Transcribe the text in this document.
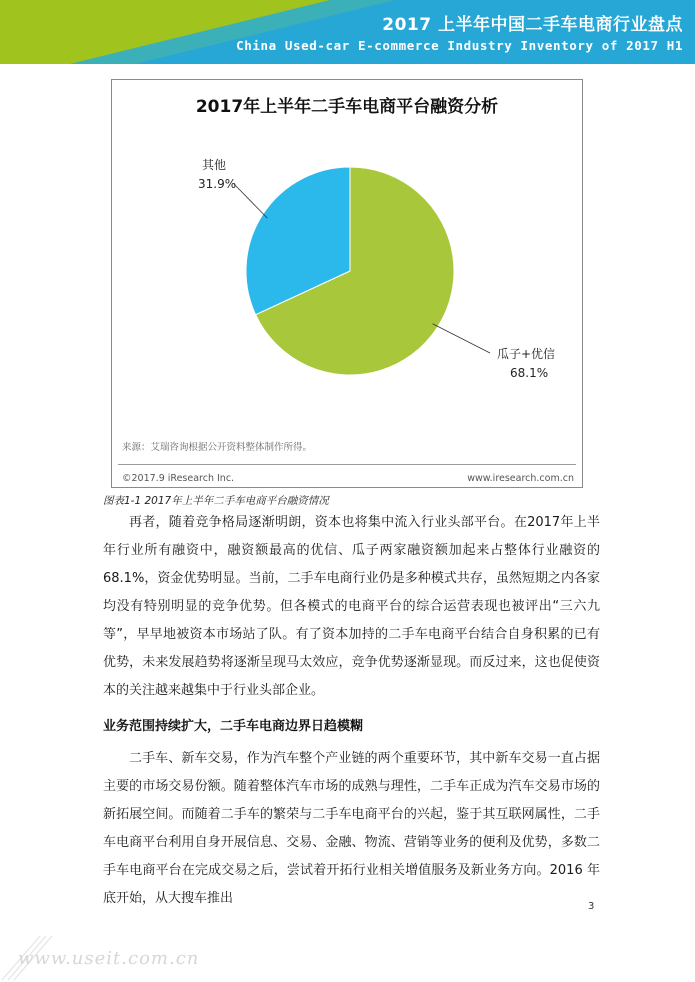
2017 上半年中国二手车电商行业盘点
China Used-car E-commerce Industry Inventory of 2017 H1
2017年上半年二手车电商平台融资分析
其他
31.9%
瓜子+优信
68.1%
来源：艾瑞咨询根据公开资料整体制作所得。
©2017.9 iResearch Inc.	www.iresearch.com.cn
图表1-1 2017年上半年二手车电商平台融资情况

再者，随着竞争格局逐渐明朗，资本也将集中流入行业头部平台。在2017年上半年行业所有融资中，融资额最高的优信、瓜子两家融资额加起来占整体行业融资的68.1%，资金优势明显。当前，二手车电商行业仍是多种模式共存，虽然短期之内各家均没有特别明显的竞争优势。但各模式的电商平台的综合运营表现也被评出“三六九等”，早早地被资本市场站了队。有了资本加持的二手车电商平台结合自身积累的已有优势，未来发展趋势将逐渐呈现马太效应，竞争优势逐渐显现。而反过来，这也促使资本的关注越来越集中于行业头部企业。

业务范围持续扩大，二手车电商边界日趋模糊

二手车、新车交易，作为汽车整个产业链的两个重要环节，其中新车交易一直占据主要的市场交易份额。随着整体汽车市场的成熟与理性，二手车正成为汽车交易市场的新拓展空间。而随着二手车的繁荣与二手车电商平台的兴起，鉴于其互联网属性，二手车电商平台利用自身开展信息、交易、金融、物流、营销等业务的便利及优势，多数二手车电商平台在完成交易之后，尝试着开拓行业相关增值服务及新业务方向。2016 年底开始，从大搜车推出

3
www.useit.com.cn
